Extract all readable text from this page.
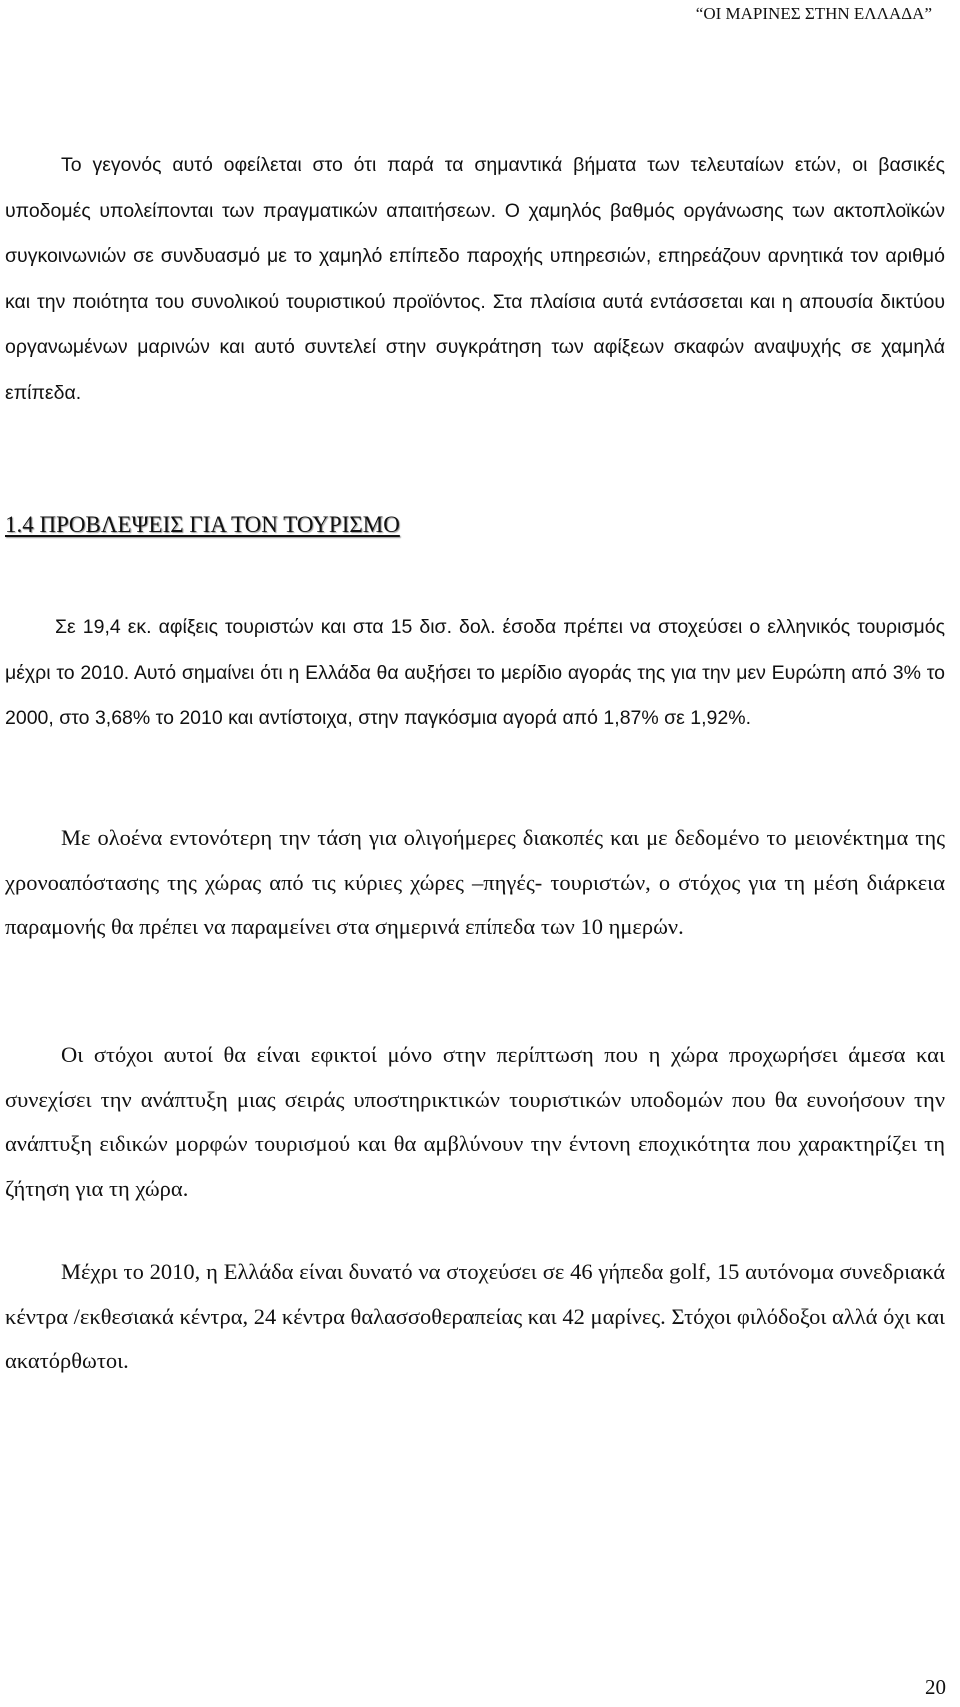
“ΟΙ ΜΑΡΙΝΕΣ ΣΤΗΝ ΕΛΛΑΔΑ”

Το γεγονός αυτό οφείλεται στο ότι παρά τα σημαντικά βήματα των τελευταίων ετών, οι βασικές υποδομές υπολείπονται των πραγματικών απαιτήσεων. Ο χαμηλός βαθμός οργάνωσης των ακτοπλοϊκών συγκοινωνιών σε συνδυασμό με το χαμηλό επίπεδο παροχής υπηρεσιών, επηρεάζουν αρνητικά τον αριθμό και την ποιότητα του συνολικού τουριστικού προϊόντος. Στα πλαίσια αυτά εντάσσεται και η απουσία δικτύου οργανωμένων μαρινών και αυτό συντελεί στην συγκράτηση των αφίξεων σκαφών αναψυχής σε χαμηλά επίπεδα.

1.4 ΠΡΟΒΛΕΨΕΙΣ ΓΙΑ ΤΟΝ ΤΟΥΡΙΣΜΟ

Σε 19,4 εκ. αφίξεις τουριστών και στα 15 δισ. δολ. έσοδα πρέπει να στοχεύσει ο ελληνικός τουρισμός μέχρι το 2010. Αυτό σημαίνει ότι η Ελλάδα θα αυξήσει το μερίδιο αγοράς της για την μεν Ευρώπη από 3% το 2000, στο 3,68% το 2010 και αντίστοιχα, στην παγκόσμια αγορά από 1,87% σε 1,92%.

Με ολοένα εντονότερη την τάση για ολιγοήμερες διακοπές και με δεδομένο το μειονέκτημα της χρονοαπόστασης της χώρας από τις κύριες χώρες –πηγές- τουριστών, ο στόχος για τη μέση διάρκεια παραμονής θα πρέπει να παραμείνει στα σημερινά επίπεδα των 10 ημερών.

Οι στόχοι αυτοί θα είναι εφικτοί μόνο στην περίπτωση που η χώρα προχωρήσει άμεσα και συνεχίσει την ανάπτυξη μιας σειράς υποστηρικτικών τουριστικών υποδομών που θα ευνοήσουν την ανάπτυξη ειδικών μορφών τουρισμού και θα αμβλύνουν την έντονη εποχικότητα που χαρακτηρίζει τη ζήτηση για τη χώρα.

Μέχρι το 2010, η Ελλάδα είναι δυνατό να στοχεύσει σε 46 γήπεδα golf, 15 αυτόνομα συνεδριακά κέντρα /εκθεσιακά κέντρα, 24 κέντρα θαλασσοθεραπείας και 42 μαρίνες. Στόχοι φιλόδοξοι αλλά όχι και ακατόρθωτοι.

20
